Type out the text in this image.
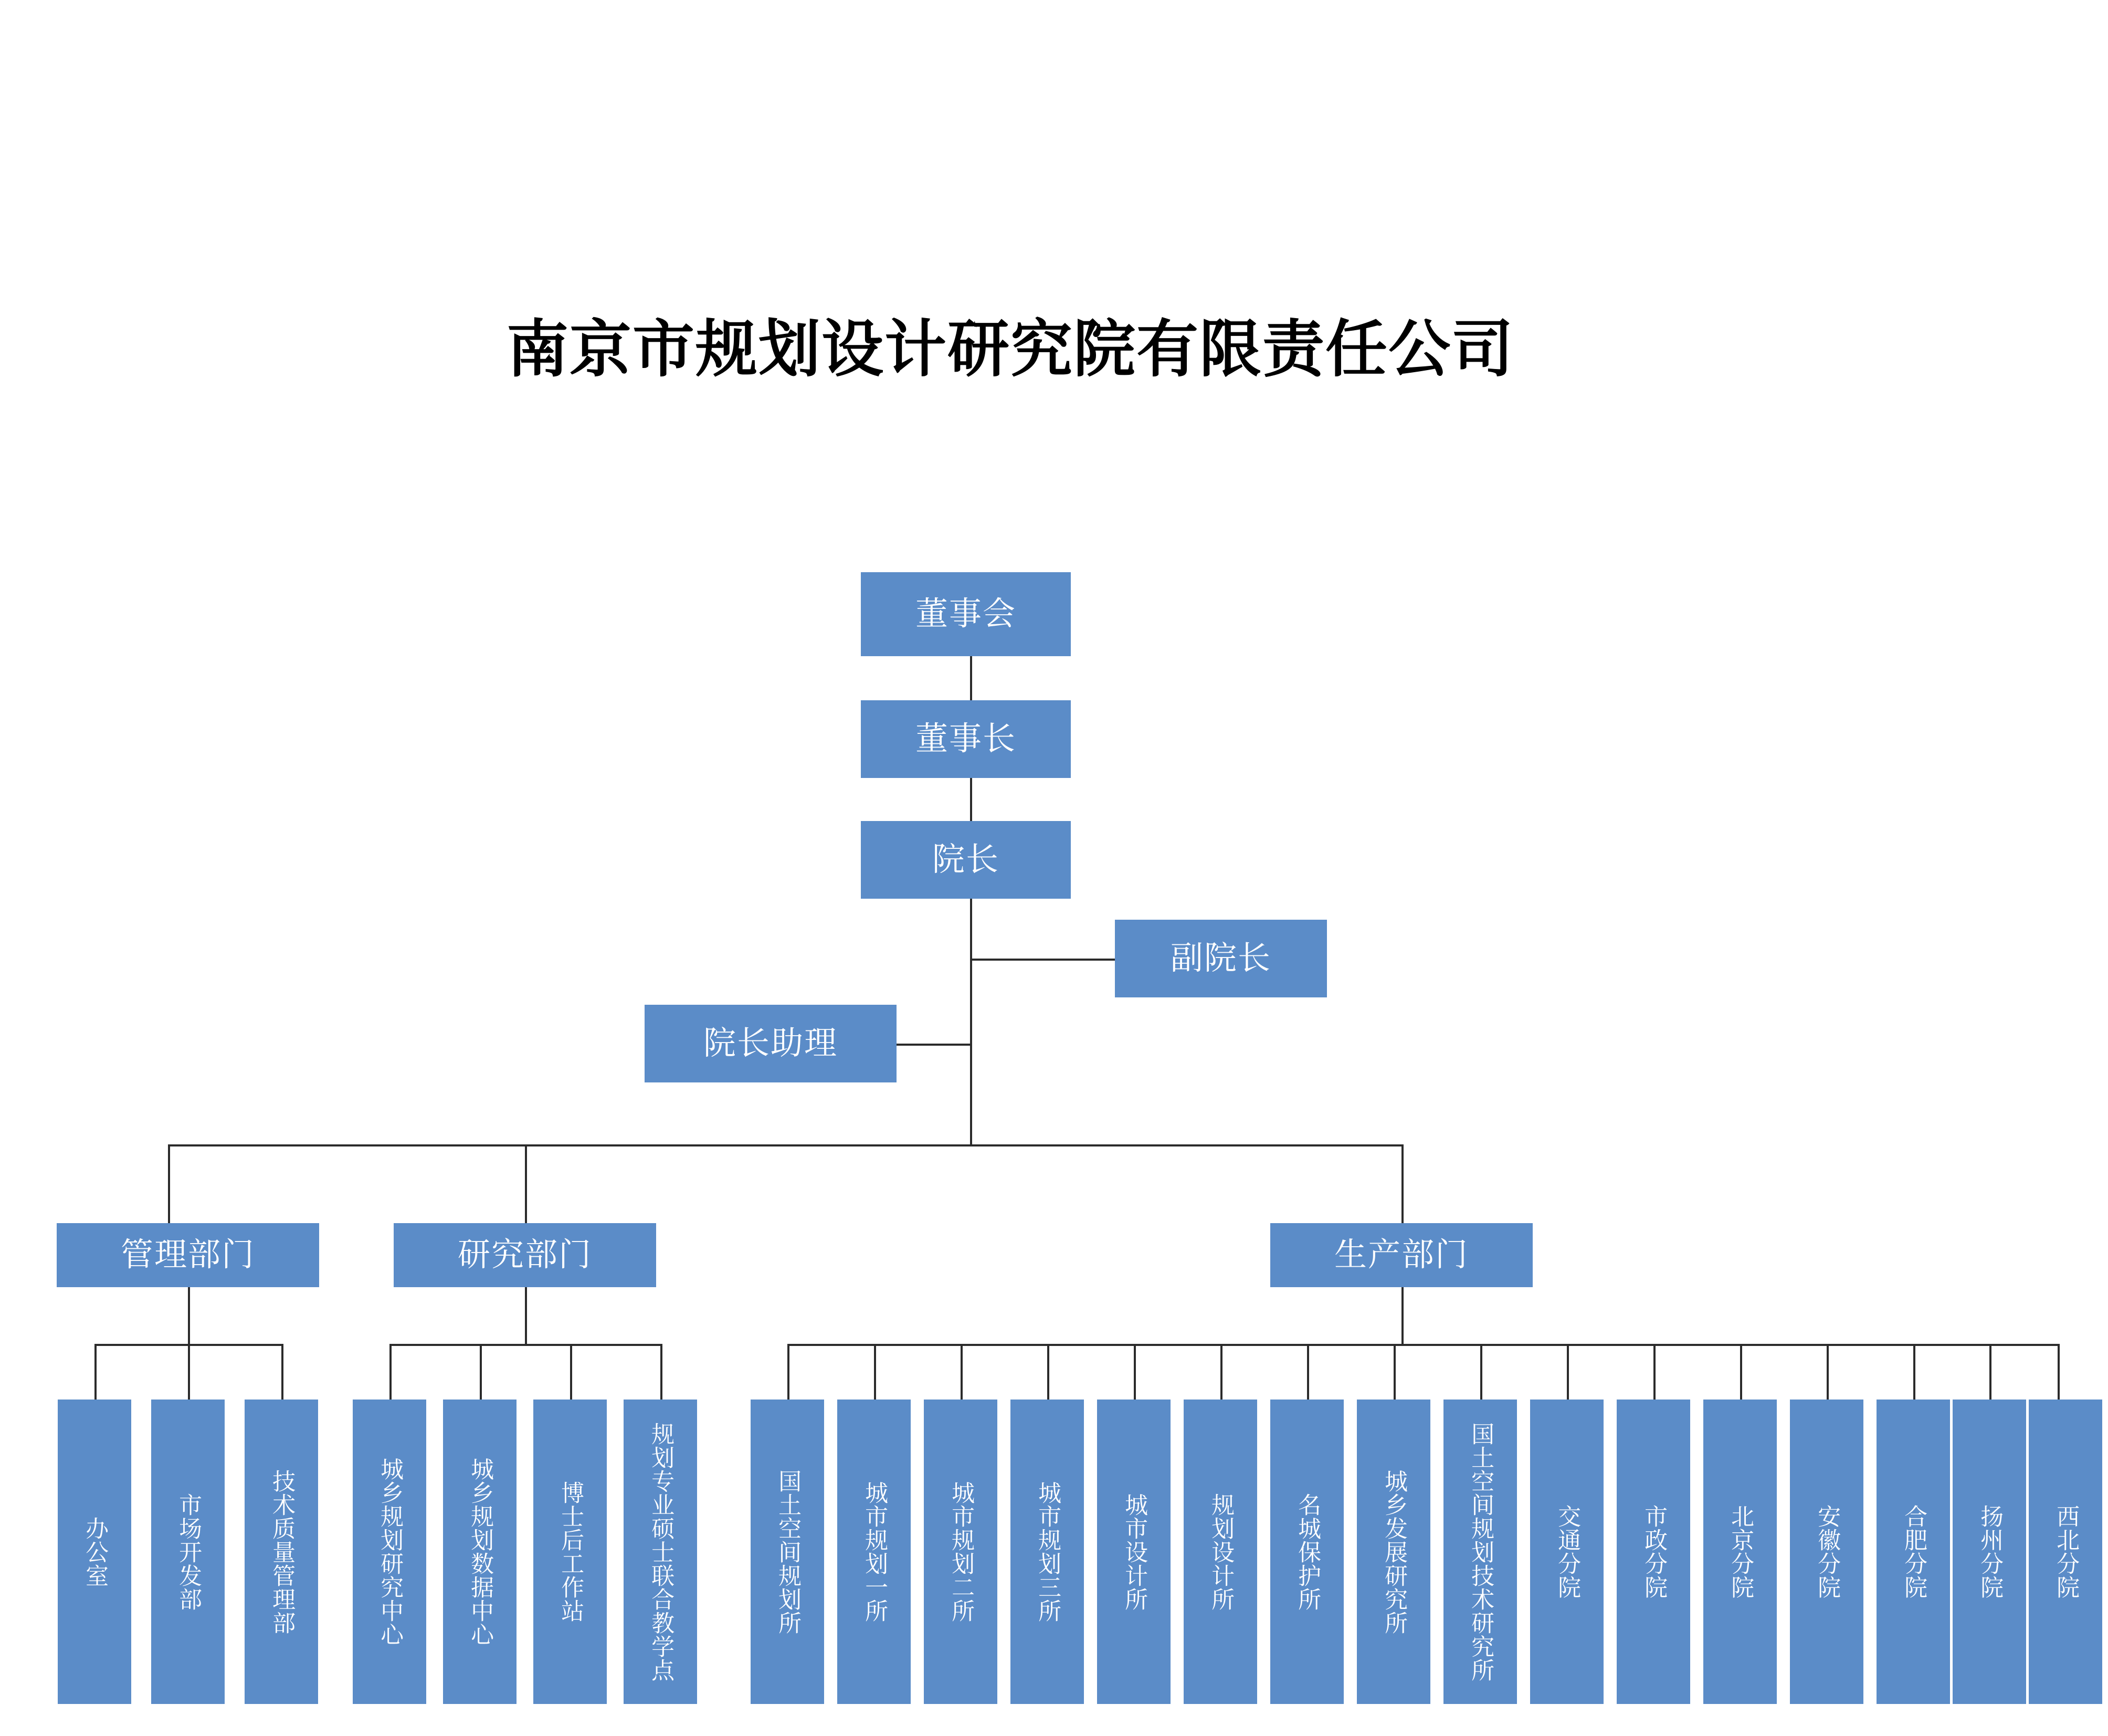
南京市规划设计研究院有限责任公司
董事会
董事长
院长
副院长
院长助理
管理部门	研究部门	生产部门
办公室	市场开发部	技术质量管理部	城乡规划研究中心	城乡规划数据中心	博士后工作站	规划专业硕士联合教学点	国土空间规划所	城市规划一所	城市规划二所	城市规划三所	城市设计所	规划设计所	名城保护所	城乡发展研究所	国土空间规划技术研究所	交通分院	市政分院	北京分院	安徽分院	合肥分院	扬州分院	西北分院
